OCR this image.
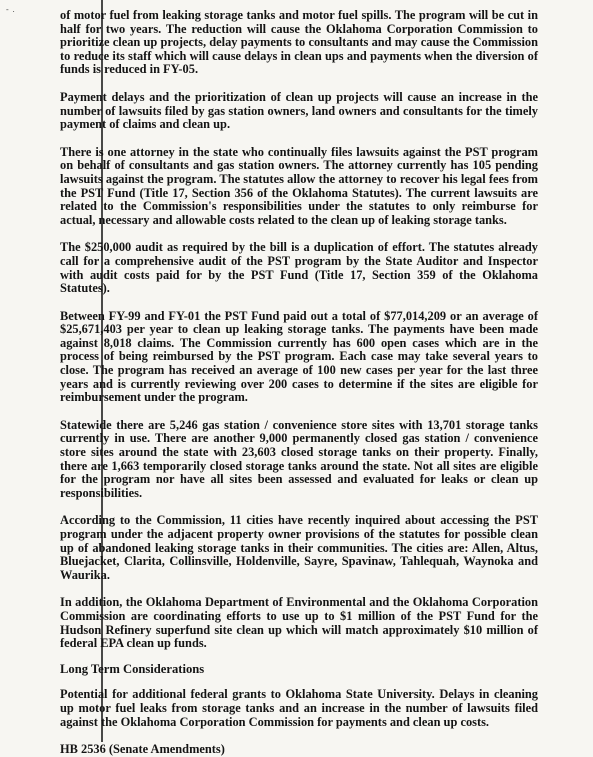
- .	of motor fuel from leaking storage tanks and motor fuel spills. The program will be cut in half for two years. The reduction will cause the Oklahoma Corporation Commission to prioritize clean up projects, delay payments to consultants and may cause the Commission to reduce its staff which will cause delays in clean ups and payments when the diversion of funds is reduced in FY-05.

Payment delays and the prioritization of clean up projects will cause an increase in the number of lawsuits filed by gas station owners, land owners and consultants for the timely payment of claims and clean up.

There is one attorney in the state who continually files lawsuits against the PST program on behalf of consultants and gas station owners. The attorney currently has 105 pending lawsuits against the program. The statutes allow the attorney to recover his legal fees from the PST Fund (Title 17, Section 356 of the Oklahoma Statutes). The current lawsuits are related to the Commission's responsibilities under the statutes to only reimburse for actual, necessary and allowable costs related to the clean up of leaking storage tanks.

The $250,000 audit as required by the bill is a duplication of effort. The statutes already call for a comprehensive audit of the PST program by the State Auditor and Inspector with audit costs paid for by the PST Fund (Title 17, Section 359 of the Oklahoma Statutes).

Between FY-99 and FY-01 the PST Fund paid out a total of $77,014,209 or an average of $25,671,403 per year to clean up leaking storage tanks. The payments have been made against 8,018 claims. The Commission currently has 600 open cases which are in the process of being reimbursed by the PST program. Each case may take several years to close. The program has received an average of 100 new cases per year for the last three years and is currently reviewing over 200 cases to determine if the sites are eligible for reimbursement under the program.

Statewide there are 5,246 gas station / convenience store sites with 13,701 storage tanks currently in use. There are another 9,000 permanently closed gas station / convenience store sites around the state with 23,603 closed storage tanks on their property. Finally, there are 1,663 temporarily closed storage tanks around the state. Not all sites are eligible for the program nor have all sites been assessed and evaluated for leaks or clean up responsibilities.

According to the Commission, 11 cities have recently inquired about accessing the PST program under the adjacent property owner provisions of the statutes for possible clean up of abandoned leaking storage tanks in their communities. The cities are: Allen, Altus, Bluejacket, Clarita, Collinsville, Holdenville, Sayre, Spavinaw, Tahlequah, Waynoka and Waurika.

In addition, the Oklahoma Department of Environmental and the Oklahoma Corporation Commission are coordinating efforts to use up to $1 million of the PST Fund for the Hudson Refinery superfund site clean up which will match approximately $10 million of federal EPA clean up funds.

Long Term Considerations

Potential for additional federal grants to Oklahoma State University. Delays in cleaning up motor fuel leaks from storage tanks and an increase in the number of lawsuits filed against the Oklahoma Corporation Commission for payments and clean up costs.

HB 2536 (Senate Amendments)
